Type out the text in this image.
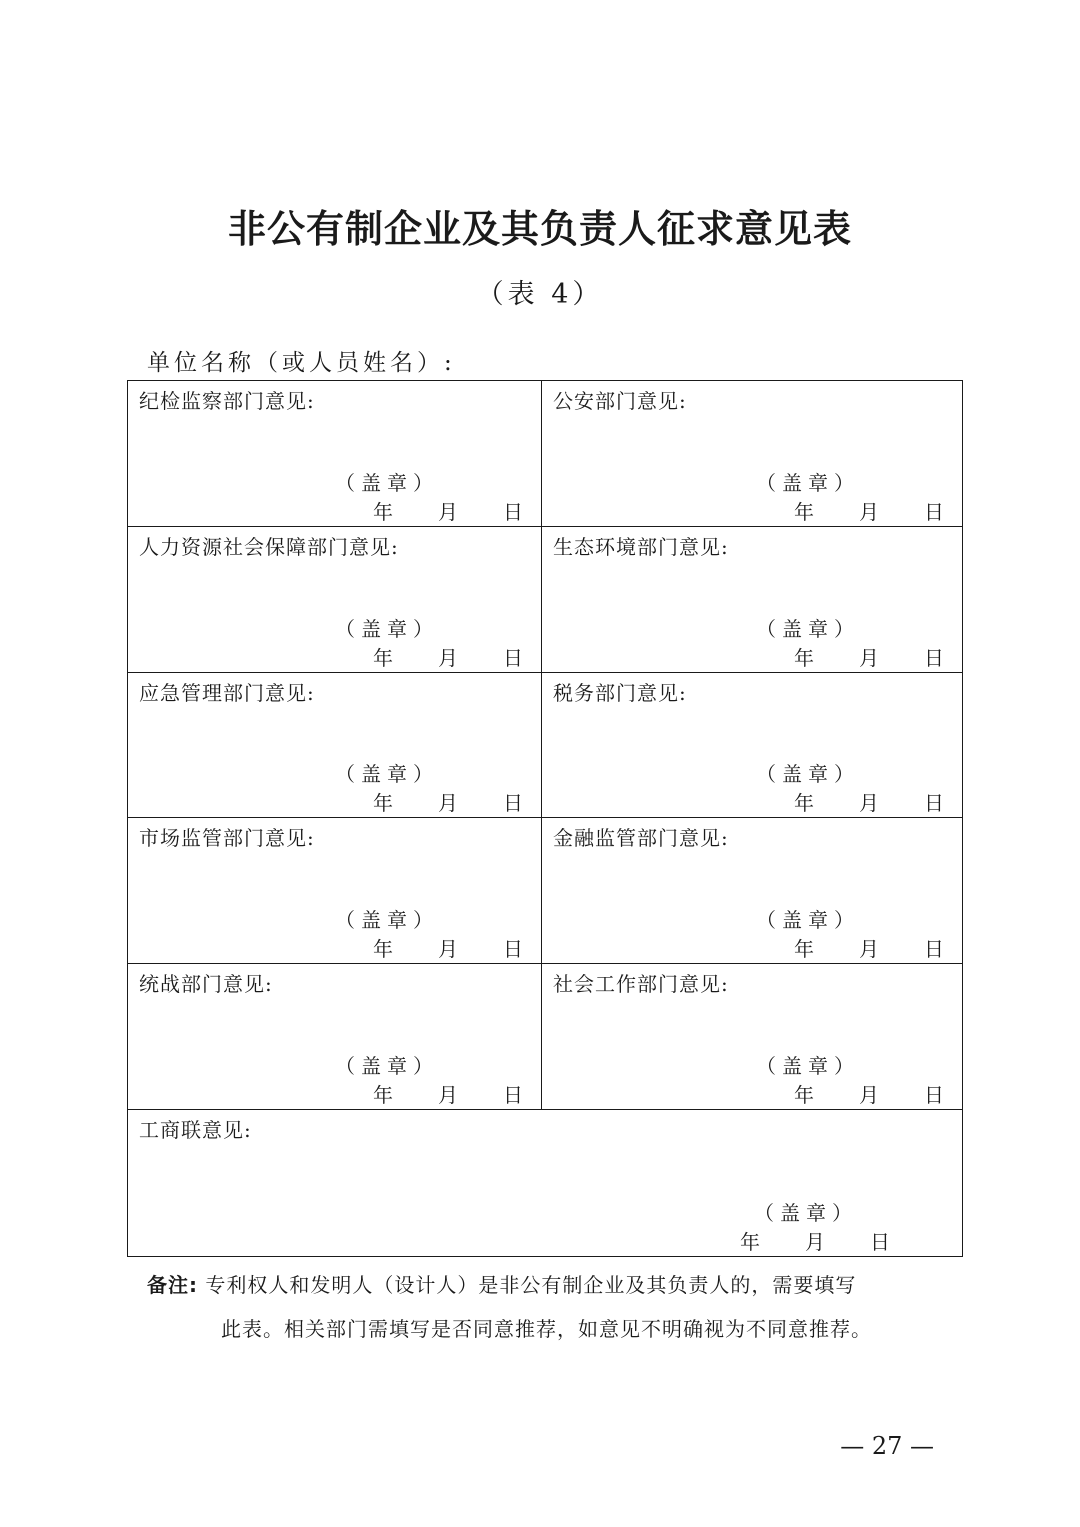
非公有制企业及其负责人征求意见表
（表 4）
单位名称（或人员姓名）:
纪检监察部门意见:
（盖章）
年 月 日
公安部门意见:
（盖章）
年 月 日
人力资源社会保障部门意见:
（盖章）
年 月 日
生态环境部门意见:
（盖章）
年 月 日
应急管理部门意见:
（盖章）
年 月 日
税务部门意见:
（盖章）
年 月 日
市场监管部门意见:
（盖章）
年 月 日
金融监管部门意见:
（盖章）
年 月 日
统战部门意见:
（盖章）
年 月 日
社会工作部门意见:
（盖章）
年 月 日
工商联意见:
（盖章）
年 月 日
备注: 专利权人和发明人（设计人）是非公有制企业及其负责人的，需要填写
此表。相关部门需填写是否同意推荐，如意见不明确视为不同意推荐。
— 27 —
